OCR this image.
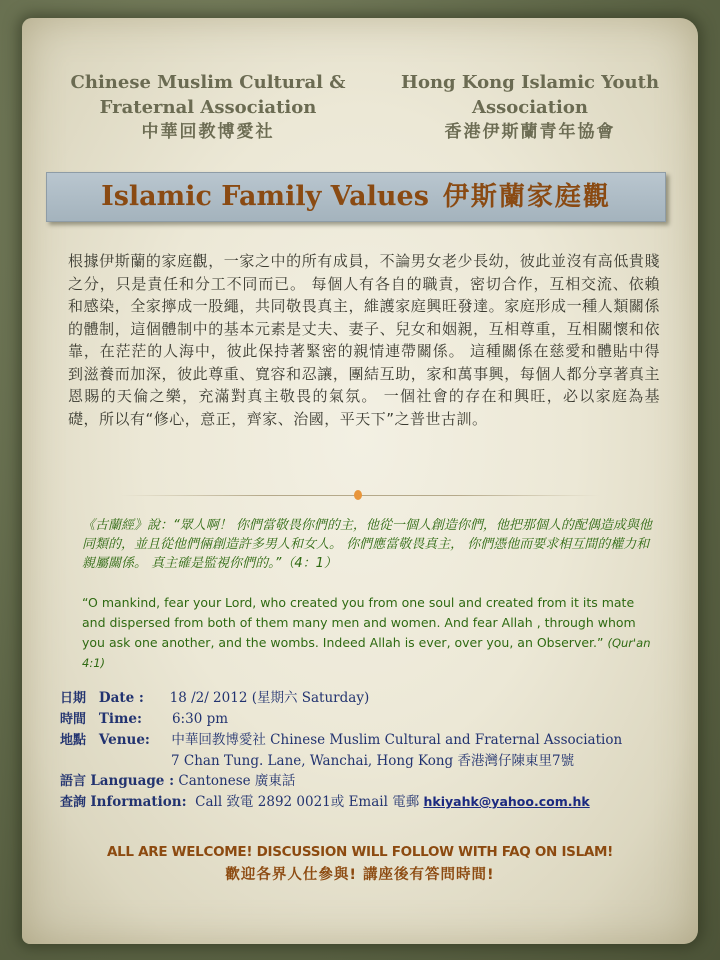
Chinese Muslim Cultural &
Fraternal Association
中華回教博愛社
Hong Kong Islamic Youth
Association
香港伊斯蘭青年協會
Islamic Family Values 伊斯蘭家庭觀
根據伊斯蘭的家庭觀，一家之中的所有成員，不論男女老少長幼，彼此並沒有高低貴賤之分，只是責任和分工不同而已。 每個人有各自的職責，密切合作，互相交流、依賴和感染，全家擰成一股繩，共同敬畏真主，維護家庭興旺發達。家庭形成一種人類關係的體制，這個體制中的基本元素是丈夫、妻子、兒女和姻親，互相尊重，互相關懷和依靠，在茫茫的人海中，彼此保持著緊密的親情連帶關係。 這種關係在慈愛和體貼中得到滋養而加深，彼此尊重、寬容和忍讓，團結互助，家和萬事興，每個人都分享著真主恩賜的天倫之樂，充滿對真主敬畏的氣氛。 一個社會的存在和興旺，必以家庭為基礎，所以有“修心，意正，齊家、治國，平天下”之普世古訓。
《古蘭經》說：“眾人啊！ 你們當敬畏你們的主，他從一個人創造你們，他把那個人的配偶造成與他同類的，並且從他們倆創造許多男人和女人。 你們應當敬畏真主， 你們憑他而要求相互間的權力和親屬關係。 真主確是監視你們的。”（4：1）
“O mankind, fear your Lord, who created you from one soul and created from it its mate and dispersed from both of them many men and women. And fear Allah , through whom you ask one another, and the wombs. Indeed Allah is ever, over you, an Observer.” (Qur'an 4:1)
日期 Date : 18 /2/ 2012 (星期六 Saturday)
時間 Time: 6:30 pm
地點 Venue: 中華回教博愛社 Chinese Muslim Cultural and Fraternal Association
7 Chan Tung. Lane, Wanchai, Hong Kong 香港灣仔陳東里7號
語言 Language : Cantonese 廣東話
查詢 Information: Call 致電 2892 0021或 Email 電郵 hkiyahk@yahoo.com.hk
ALL ARE WELCOME! DISCUSSION WILL FOLLOW WITH FAQ ON ISLAM!
歡迎各界人仕參與! 講座後有答問時間!
